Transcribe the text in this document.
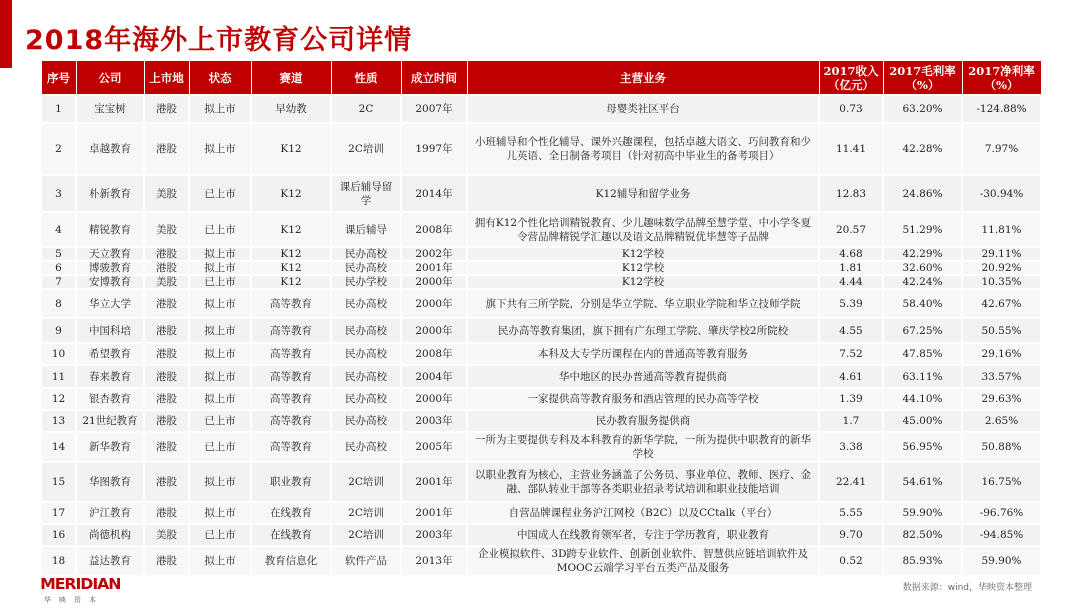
2018年海外上市教育公司详情
序号	公司	上市地	状态	赛道	性质	成立时间	主营业务	2017收入（亿元）	2017毛利率（%）	2017净利率（%）
1	宝宝树	港股	拟上市	早幼教	2C	2007年	母婴类社区平台	0.73	63.20%	-124.88%
2	卓越教育	港股	拟上市	K12	2C培训	1997年	小班辅导和个性化辅导、课外兴趣课程，包括卓越大语文、巧问教育和少儿英语、全日制备考项目（针对初高中毕业生的备考项目）	11.41	42.28%	7.97%
3	朴新教育	美股	已上市	K12	课后辅导留学	2014年	K12辅导和留学业务	12.83	24.86%	-30.94%
4	精锐教育	美股	已上市	K12	课后辅导	2008年	拥有K12个性化培训精锐教育、少儿趣味数学品牌至慧学堂、中小学冬夏令营品牌精锐学汇趣以及语文品牌精锐优毕慧等子品牌	20.57	51.29%	11.81%
5	天立教育	港股	拟上市	K12	民办高校	2002年	K12学校	4.68	42.29%	29.11%
6	博骏教育	港股	拟上市	K12	民办高校	2001年	K12学校	1.81	32.60%	20.92%
7	安博教育	美股	已上市	K12	民办学校	2000年	K12学校	4.44	42.24%	10.35%
8	华立大学	港股	拟上市	高等教育	民办高校	2000年	旗下共有三所学院，分别是华立学院、华立职业学院和华立技师学院	5.39	58.40%	42.67%
9	中国科培	港股	拟上市	高等教育	民办高校	2000年	民办高等教育集团，旗下拥有广东理工学院、肇庆学校2所院校	4.55	67.25%	50.55%
10	希望教育	港股	拟上市	高等教育	民办高校	2008年	本科及大专学历课程在内的普通高等教育服务	7.52	47.85%	29.16%
11	春来教育	港股	拟上市	高等教育	民办高校	2004年	华中地区的民办普通高等教育提供商	4.61	63.11%	33.57%
12	银杏教育	港股	拟上市	高等教育	民办高校	2000年	一家提供高等教育服务和酒店管理的民办高等学校	1.39	44.10%	29.63%
13	21世纪教育	港股	已上市	高等教育	民办高校	2003年	民办教育服务提供商	1.7	45.00%	2.65%
14	新华教育	港股	已上市	高等教育	民办高校	2005年	一所为主要提供专科及本科教育的新华学院，一所为提供中职教育的新华学校	3.38	56.95%	50.88%
15	华图教育	港股	拟上市	职业教育	2C培训	2001年	以职业教育为核心，主营业务涵盖了公务员、事业单位、教师、医疗、金融、部队转业干部等各类职业招录考试培训和职业技能培训	22.41	54.61%	16.75%
17	沪江教育	港股	拟上市	在线教育	2C培训	2001年	自营品牌课程业务沪江网校（B2C）以及CCtalk（平台）	5.55	59.90%	-96.76%
16	尚德机构	美股	已上市	在线教育	2C培训	2003年	中国成人在线教育领军者，专注于学历教育，职业教育	9.70	82.50%	-94.85%
18	益达教育	港股	拟上市	教育信息化	软件产品	2013年	企业模拟软件、3D跨专业软件、创新创业软件、智慧供应链培训软件及MOOC云端学习平台五类产品及服务	0.52	85.93%	59.90%
MERIDIAN
华映资本
数据来源：wind，华映资本整理
